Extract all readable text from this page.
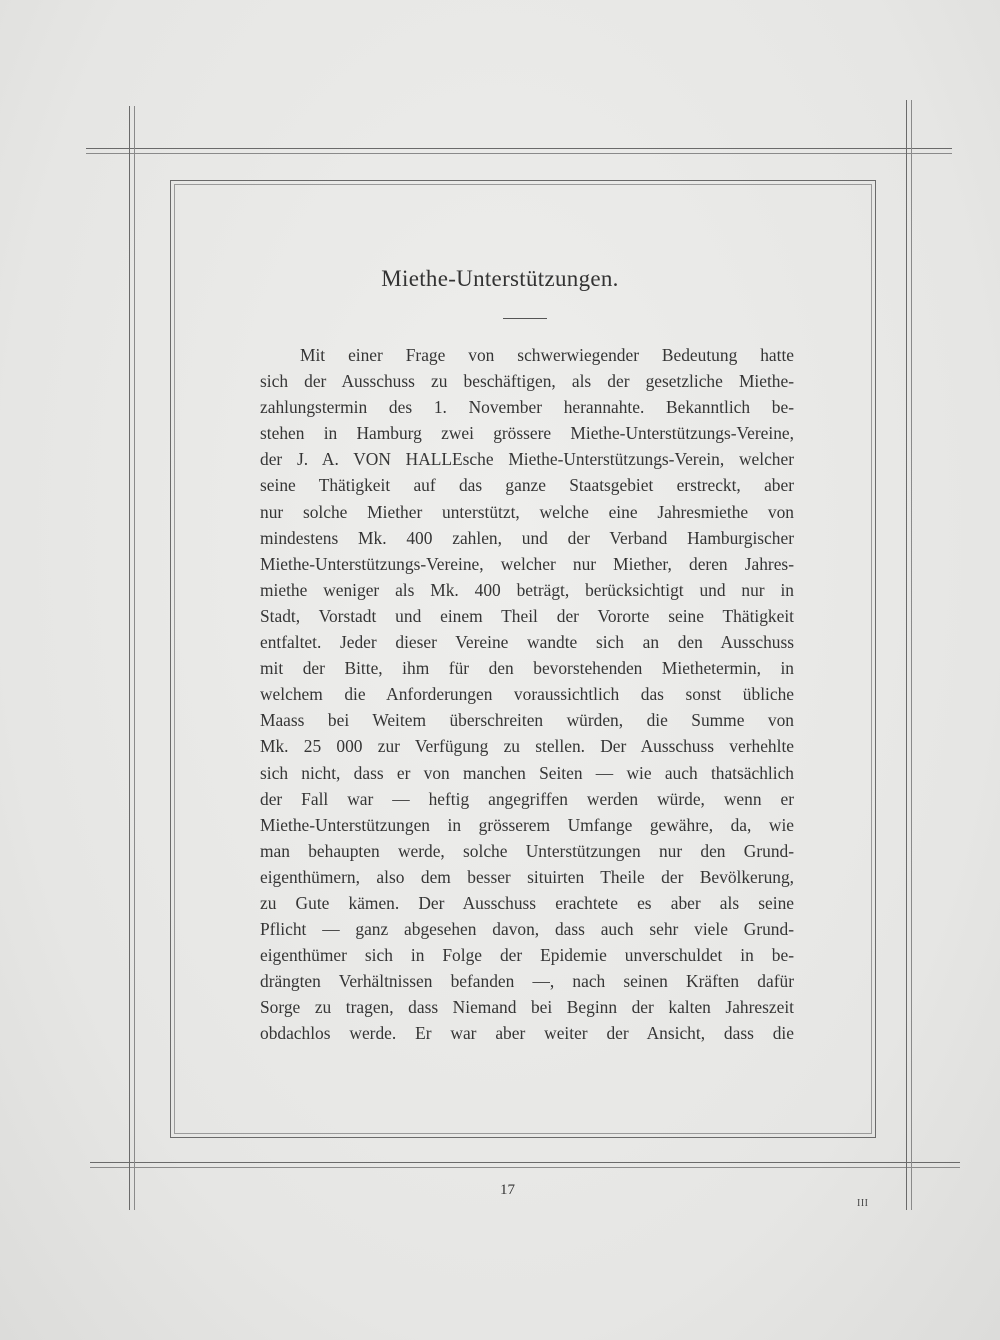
Miethe-Unterstützungen.
Mit einer Frage von schwerwiegender Bedeutung hatte
sich der Ausschuss zu beschäftigen, als der gesetzliche Miethe-
zahlungstermin des 1. November herannahte. Bekanntlich be-
stehen in Hamburg zwei grössere Miethe-Unterstützungs-Vereine,
der J. A. VON HALLEsche Miethe-Unterstützungs-Verein, welcher
seine Thätigkeit auf das ganze Staatsgebiet erstreckt, aber
nur solche Miether unterstützt, welche eine Jahresmiethe von
mindestens Mk. 400 zahlen, und der Verband Hamburgischer
Miethe-Unterstützungs-Vereine, welcher nur Miether, deren Jahres-
miethe weniger als Mk. 400 beträgt, berücksichtigt und nur in
Stadt, Vorstadt und einem Theil der Vororte seine Thätigkeit
entfaltet. Jeder dieser Vereine wandte sich an den Ausschuss
mit der Bitte, ihm für den bevorstehenden Miethetermin, in
welchem die Anforderungen voraussichtlich das sonst übliche
Maass bei Weitem überschreiten würden, die Summe von
Mk. 25 000 zur Verfügung zu stellen. Der Ausschuss verhehlte
sich nicht, dass er von manchen Seiten — wie auch thatsächlich
der Fall war — heftig angegriffen werden würde, wenn er
Miethe-Unterstützungen in grösserem Umfange gewähre, da, wie
man behaupten werde, solche Unterstützungen nur den Grund-
eigenthümern, also dem besser situirten Theile der Bevölkerung,
zu Gute kämen. Der Ausschuss erachtete es aber als seine
Pflicht — ganz abgesehen davon, dass auch sehr viele Grund-
eigenthümer sich in Folge der Epidemie unverschuldet in be-
drängten Verhältnissen befanden —, nach seinen Kräften dafür
Sorge zu tragen, dass Niemand bei Beginn der kalten Jahreszeit
obdachlos werde. Er war aber weiter der Ansicht, dass die
17
III
